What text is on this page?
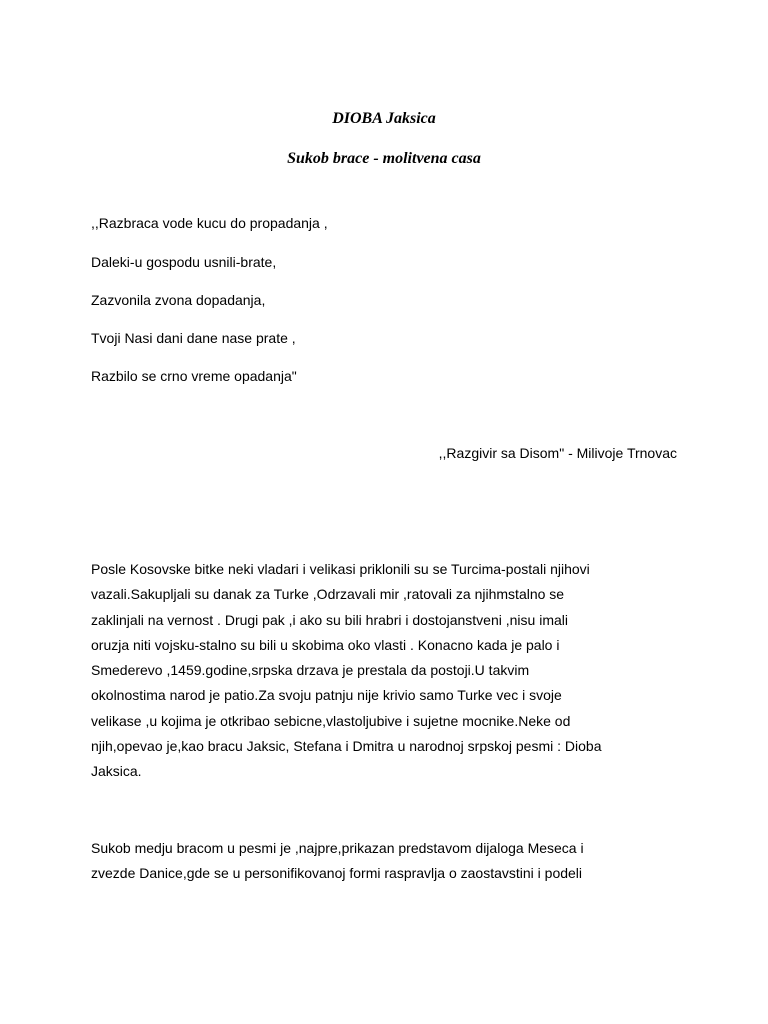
DIOBA Jaksica
Sukob brace - molitvena casa
,,Razbraca vode kucu do propadanja ,
Daleki-u gospodu usnili-brate,
Zazvonila zvona dopadanja,
Tvoji Nasi dani dane nase prate ,
Razbilo se crno vreme opadanja"
,,Razgivir sa Disom" - Milivoje Trnovac
Posle Kosovske bitke neki vladari i velikasi priklonili su se Turcima-postali njihovi
vazali.Sakupljali su danak za Turke ,Odrzavali mir ,ratovali za njihmstalno se
zaklinjali na vernost . Drugi pak ,i ako su bili hrabri i dostojanstveni ,nisu imali
oruzja niti vojsku-stalno su bili u skobima oko vlasti . Konacno kada je palo i
Smederevo ,1459.godine,srpska drzava je prestala da postoji.U takvim
okolnostima narod je patio.Za svoju patnju nije krivio samo Turke vec i svoje
velikase ,u kojima je otkribao sebicne,vlastoljubive i sujetne mocnike.Neke od
njih,opevao je,kao bracu Jaksic, Stefana i Dmitra u narodnoj srpskoj pesmi : Dioba
Jaksica.
Sukob medju bracom u pesmi je ,najpre,prikazan predstavom dijaloga Meseca i
zvezde Danice,gde se u personifikovanoj formi raspravlja o zaostavstini i podeli
